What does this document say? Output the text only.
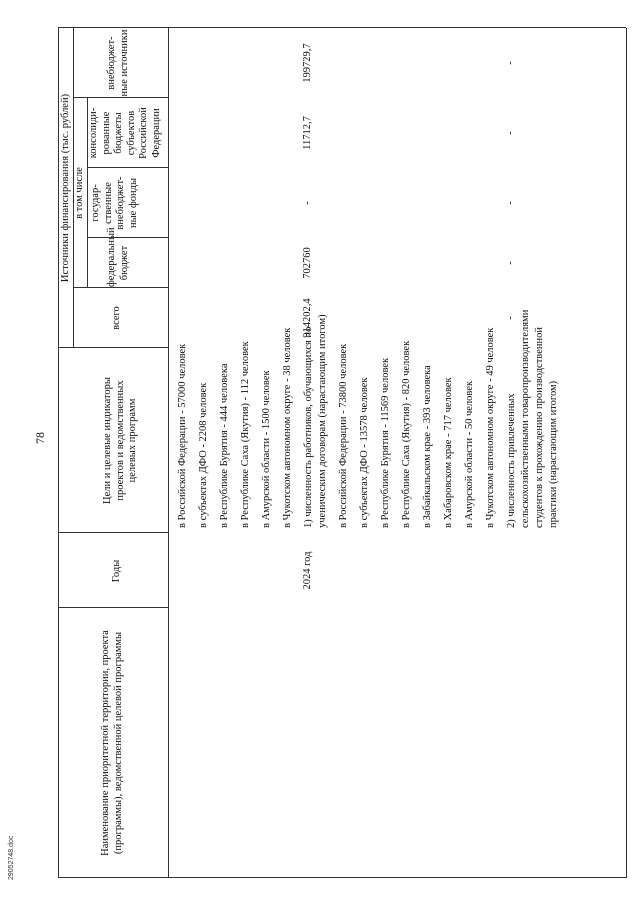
78
29052748.doc
Наименование приоритетной территории, проекта (программы), ведомственной целевой программы
Годы
Цели и целевые индикаторы проектов и ведомственных целевых программ
Источники финансирования (тыс. рублей)
всего
в том числе
федеральный бюджет
государ-ственные внебюджет-ные фонды
консолиди-рованные бюджеты субъектов Российской Федерации
внебюджет-ные источники
в Российской Федерации - 57000 человек в субъектах ДФО - 2208 человек в Республике Бурятия - 444 человека в Республике Саха (Якутия) - 112 человек в Амурской области - 1500 человек в Чукотском автономном округе - 38 человек
2024 год
1) численность работников, обучающихся по ученическим договорам (нарастающим итогом) в Российской Федерации - 73800 человек в субъектах ДФО - 13578 человек в Республике Бурятия - 11569 человек в Республике Саха (Якутия) - 820 человек в Забайкальском крае - 393 человека в Хабаровском крае - 717 человек в Амурской области - 50 человек в Чукотском автономном округе - 49 человек 2) численность привлеченных сельскохозяйственными товаропроизводителями студентов к прохождению производственной практики (нарастающим итогом)
914202,4
702760
-
11712,7
199729,7
-
-
-
-
-
